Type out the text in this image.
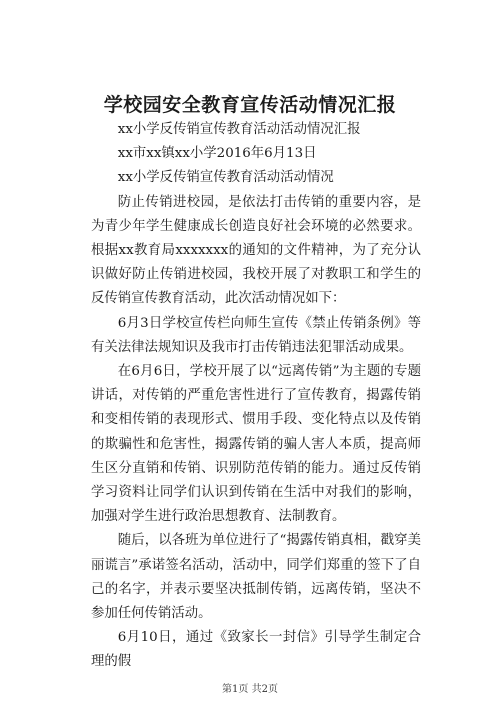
学校园安全教育宣传活动情况汇报

xx小学反传销宣传教育活动活动情况汇报

xx市xx镇xx小学2016年6月13日

xx小学反传销宣传教育活动活动情况

防止传销进校园，是依法打击传销的重要内容，是为青少年学生健康成长创造良好社会环境的必然要求。根据xx教育局xxxxxxx的通知的文件精神，为了充分认识做好防止传销进校园，我校开展了对教职工和学生的反传销宣传教育活动，此次活动情况如下：

6月3日学校宣传栏向师生宣传《禁止传销条例》等有关法律法规知识及我市打击传销违法犯罪活动成果。

在6月6日，学校开展了以“远离传销”为主题的专题讲话，对传销的严重危害性进行了宣传教育，揭露传销和变相传销的表现形式、惯用手段、变化特点以及传销的欺骗性和危害性，揭露传销的骗人害人本质，提高师生区分直销和传销、识别防范传销的能力。通过反传销学习资料让同学们认识到传销在生活中对我们的影响，加强对学生进行政治思想教育、法制教育。

随后，以各班为单位进行了“揭露传销真相，戳穿美丽谎言”承诺签名活动，活动中，同学们郑重的签下了自己的名字，并表示要坚决抵制传销，远离传销，坚决不参加任何传销活动。

6月10日，通过《致家长一封信》引导学生制定合理的假

第1页 共2页
